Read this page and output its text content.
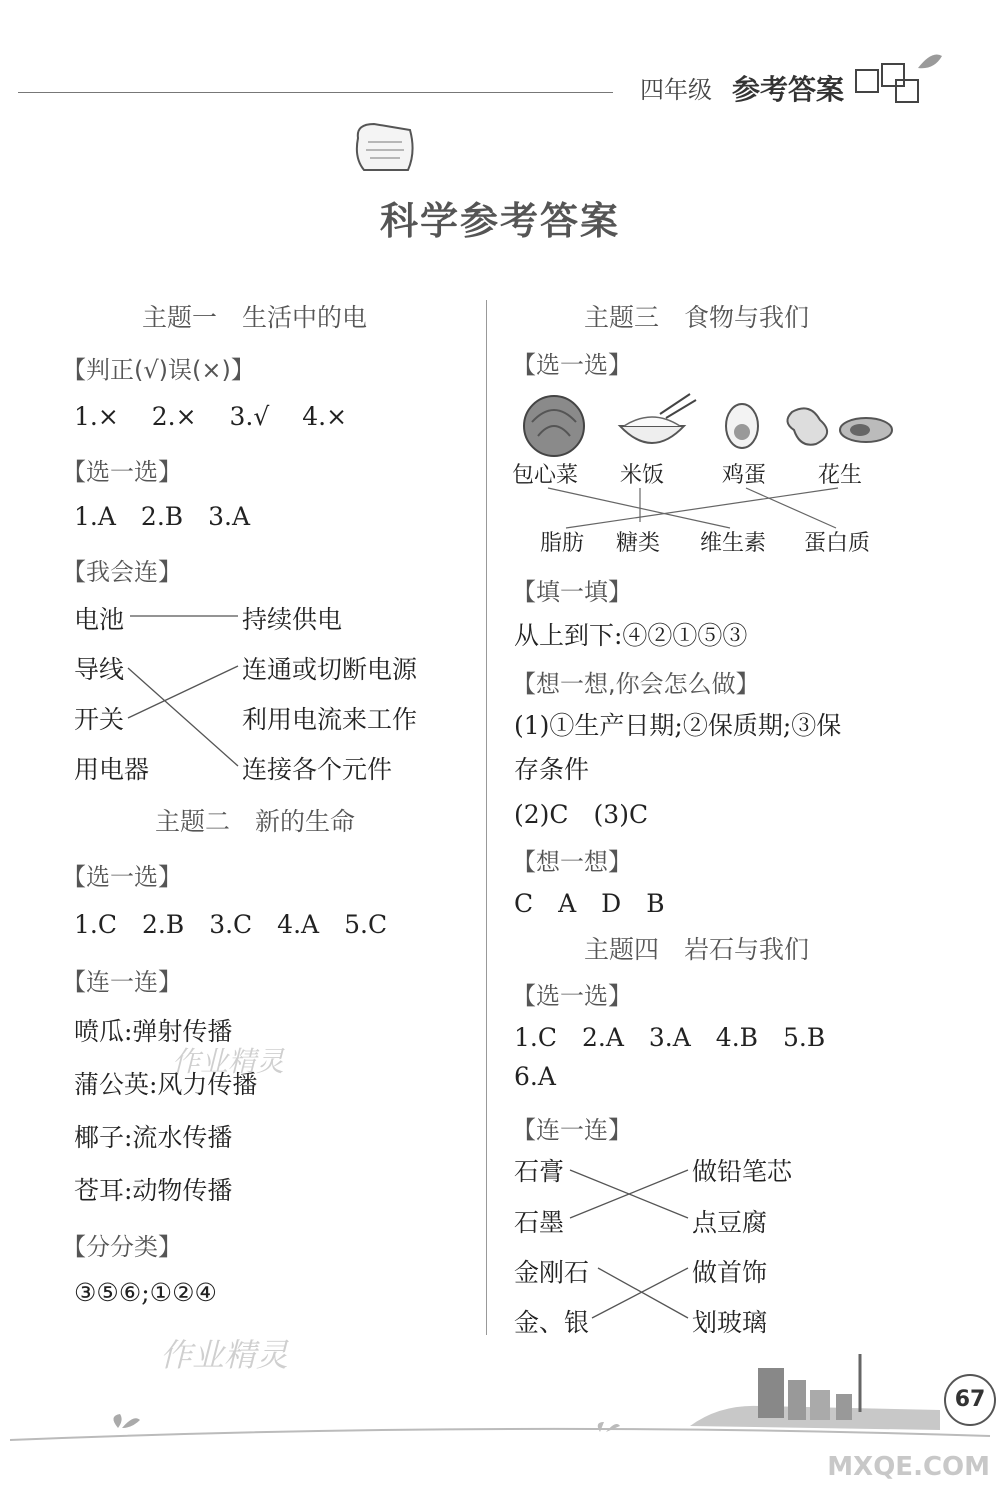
四年级 参考答案
科学参考答案
主题一　生活中的电
【判正(√)误(×)】
1.×　 2.×　 3.√　 4.×
【选一选】
1.A　2.B　3.A
【我会连】
电池
导线
开关
用电器
持续供电
连通或切断电源
利用电流来工作
连接各个元件
主题二　新的生命
【选一选】
1.C　2.B　3.C　4.A　5.C
【连一连】
喷瓜:弹射传播
蒲公英:风力传播
椰子:流水传播
苍耳:动物传播
【分分类】
③⑤⑥;①②④
作业精灵
作业精灵
主题三　食物与我们
【选一选】
包心菜 米饭	鸡蛋 花生
脂肪 糖类 维生素 蛋白质
【填一填】
从上到下:④②①⑤③
【想一想,你会怎么做】
(1)①生产日期;②保质期;③保
存条件
(2)C　(3)C
【想一想】
C　A　D　B
主题四　岩石与我们
【选一选】
1.C　2.A　3.A　4.B　5.B
6.A
【连一连】
石膏
石墨
金刚石
金、银
做铅笔芯
点豆腐
做首饰
划玻璃
67
MXQE.COM
